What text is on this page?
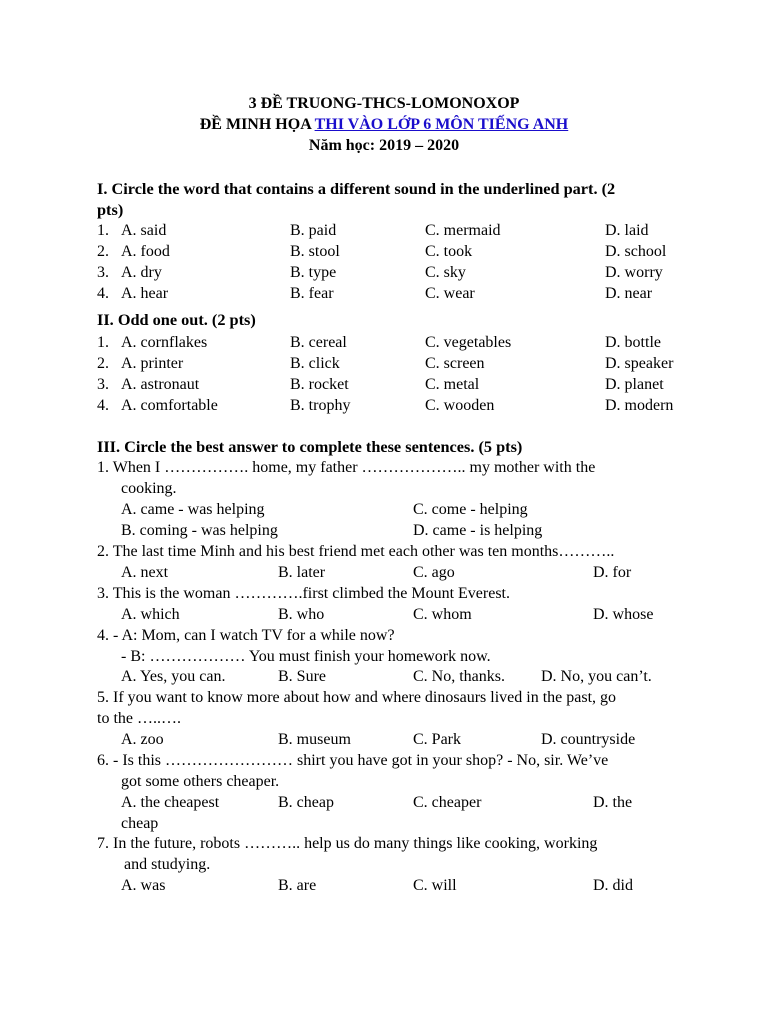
3 ĐỀ TRUONG-THCS-LOMONOXOP
ĐỀ MINH HỌA THI VÀO LỚP 6 MÔN TIẾNG ANH
Năm học: 2019 – 2020
I. Circle the word that contains a different sound in the underlined part. (2
pts)
1. A. said	B. paid	C. mermaid	D. laid
2. A. food	B. stool	C. took	D. school
3. A. dry	B. type	C. sky	D. worry
4. A. hear	B. fear	C. wear	D. near
II. Odd one out. (2 pts)
1. A. cornflakes	B. cereal	C. vegetables	D. bottle
2. A. printer	B. click	C. screen	D. speaker
3. A. astronaut	B. rocket	C. metal	D. planet
4. A. comfortable	B. trophy	C. wooden	D. modern
III. Circle the best answer to complete these sentences. (5 pts)
1. When I ……………. home, my father ……………….. my mother with the
cooking.
A. came - was helping	C. come - helping
B. coming - was helping	D. came - is helping
2. The last time Minh and his best friend met each other was ten months………..
A. next	B. later	C. ago	D. for
3. This is the woman ………….first climbed the Mount Everest.
A. which	B. who	C. whom	D. whose
4. - A: Mom, can I watch TV for a while now?
- B: ……………… You must finish your homework now.
A. Yes, you can.	B. Sure	C. No, thanks. D. No, you can’t.
5. If you want to know more about how and where dinosaurs lived in the past, go
to the …..….
A. zoo	B. museum	C. Park	D. countryside
6. - Is this …………………… shirt you have got in your shop? - No, sir. We’ve
got some others cheaper.
A. the cheapest	B. cheap	C. cheaper	D. the
cheap
7. In the future, robots ……….. help us do many things like cooking, working
and studying.
A. was	B. are	C. will	D. did
